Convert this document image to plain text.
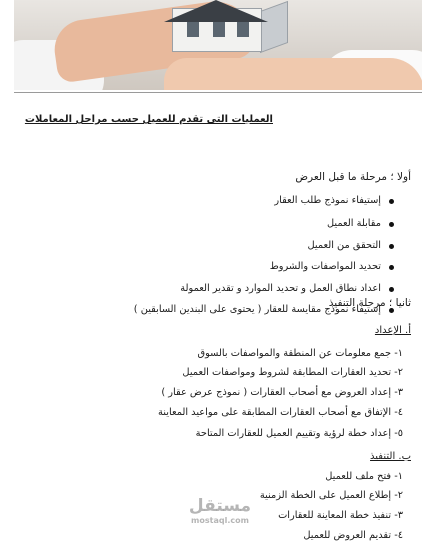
العمليات التى تقدم للعميل حسب مراحل المعاملات
أولا ؛ مرحلة ما قبل العرض
إستيفاء نموذج طلب العقار
مقابلة العميل
التحقق من العميل
تحديد المواصفات والشروط
اعداد نطاق العمل و تحديد الموارد و تقدير العمولة
إستيفاء نموذج مقايسة للعقار ( يحتوى على البندين السابقين )
ثانيا ؛ مرحلة التنفيذ
أ. الإعداد
١- جمع معلومات عن المنطقة والمواصفات بالسوق
٢- تحديد العقارات المطابقة لشروط ومواصفات العميل
٣- إعداد العروض مع أصحاب العقارات ( نموذج عرض عقار )
٤- الإتفاق مع أصحاب العقارات المطابقة على مواعيد المعاينة
٥- إعداد خطة لرؤية وتقييم العميل للعقارات المتاحة
ب. التنفيذ
١- فتح ملف للعميل
٢- إطلاع العميل على الخطة الزمنية
٣- تنفيذ خطة المعاينة للعقارات
٤- تقديم العروض للعميل
مستقل
mostaql.com
